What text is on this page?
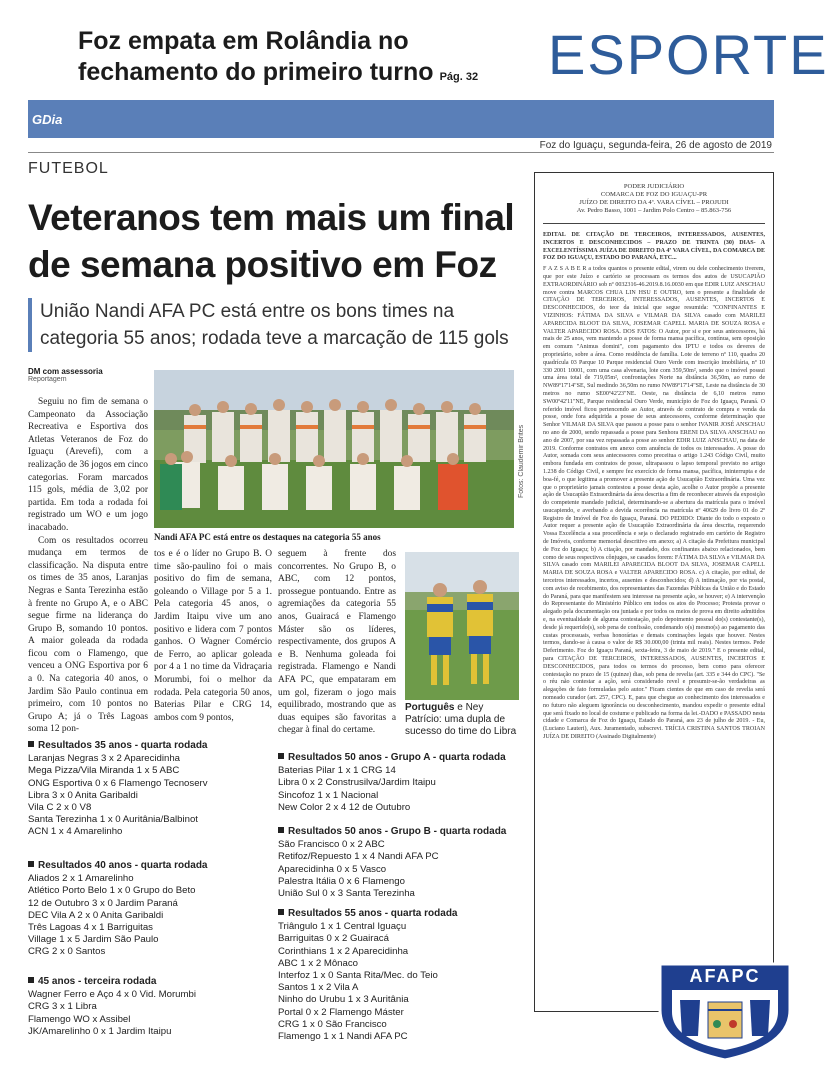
Foz empata em Rolândia no fechamento do primeiro turno Pág. 32	ESPORTE
GDia
Foz do Iguaçu, segunda-feira, 26 de agosto de 2019
FUTEBOL
Veteranos tem mais um final de semana positivo em Foz
União Nandi AFA PC está entre os bons times na categoria 55 anos; rodada teve a marcação de 115 gols
DM com assessoria
Reportagem

Seguiu no fim de semana o Campeonato da Associação Recreativa e Esportiva dos Atletas Veteranos de Foz do Iguaçu (Arevefi), com a realização de 36 jogos em cinco categorias. Foram marcados 115 gols, média de 3,02 por partida. Em toda a rodada foi registrado um WO e um jogo inacabado.

Com os resultados ocorreu mudança em termos de classificação. Na disputa entre os times de 35 anos, Laranjas Negras e Santa Terezinha estão à frente no Grupo A, e o ABC segue firme na liderança do Grupo B, somando 10 pontos. A maior goleada da rodada ficou com o Flamengo, que venceu a ONG Esportiva por 6 a 0. Na categoria 40 anos, o Jardim São Paulo continua em primeiro, com 10 pontos no Grupo A; já o Três Lagoas soma 12 pon-

Fotos: Claudemir Brites
Nandi AFA PC está entre os destaques na categoria 55 anos

tos e é o líder no Grupo B. O time são-paulino foi o mais positivo do fim de semana, goleando o Village por 5 a 1. Pela categoria 45 anos, o Jardim Itaipu vive um ano positivo e lidera com 7 pontos ganhos. O Wagner Comércio de Ferro, ao aplicar goleada por 4 a 1 no time da Vidraçaria Morumbi, foi o melhor da rodada. Pela categoria 50 anos, Baterias Pilar e CRG 14, ambos com 9 pontos,

seguem à frente dos concorrentes. No Grupo B, o ABC, com 12 pontos, prossegue pontuando. Entre as agremiações da categoria 55 anos, Guairacá e Flamengo Máster são os líderes, respectivamente, dos grupos A e B. Nenhuma goleada foi registrada. Flamengo e Nandi AFA PC, que empataram em um gol, fizeram o jogo mais equilibrado, mostrando que as duas equipes são favoritas a chegar à final do certame.

Português e Ney Patrício: uma dupla de sucesso do time do Libra
Resultados 35 anos - quarta rodada
Laranjas Negras 3 x 2 Aparecidinha
Mega Pizza/Vila Miranda 1 x 5 ABC
ONG Esportiva 0 x 6 Flamengo Tecnoserv
Libra 3 x 0 Anita Garibaldi
Vila C 2 x 0 V8
Santa Terezinha 1 x 0 Auritânia/Balbinot
ACN 1 x 4 Amarelinho
Resultados 40 anos - quarta rodada
Aliados 2 x 1 Amarelinho
Atlético Porto Belo 1 x 0 Grupo do Beto
12 de Outubro 3 x 0 Jardim Paraná
DEC Vila A 2 x 0 Anita Garibaldi
Três Lagoas 4 x 1 Barriguitas
Village 1 x 5 Jardim São Paulo
CRG 2 x 0 Santos
45 anos - terceira rodada
Wagner Ferro e Aço 4 x 0 Vid. Morumbi
CRG 3 x 1 Libra
Flamengo WO x Assibel
JK/Amarelinho 0 x 1 Jardim Itaipu
Resultados 50 anos - Grupo A - quarta rodada
Baterias Pilar 1 x 1 CRG 14
Libra 0 x 2 Construsilva/Jardim Itaipu
Sincofoz 1 x 1 Nacional
New Color 2 x 4 12 de Outubro
Resultados 50 anos - Grupo B - quarta rodada
São Francisco 0 x 2 ABC
Retifoz/Repuesto 1 x 4 Nandi AFA PC
Aparecidinha 0 x 5 Vasco
Palestra Itália 0 x 6 Flamengo
União Sul 0 x 3 Santa Terezinha
Resultados 55 anos - quarta rodada
Triângulo 1 x 1 Central Iguaçu
Barriguitas 0 x 2 Guairacá
Corinthians 1 x 2 Aparecidinha
ABC 1 x 2 Mônaco
Interfoz 1 x 0 Santa Rita/Mec. do Teio
Santos 1 x 2 Vila A
Ninho do Urubu 1 x 3 Auritânia
Portal 0 x 2 Flamengo Máster
CRG 1 x 0 São Francisco
Flamengo 1 x 1 Nandi AFA PC
PODER JUDICIÁRIO
COMARCA DE FOZ DO IGUAÇU-PR
JUÍZO DE DIREITO DA 4ª. VARA CÍVEL – PROJUDI
Av. Pedro Basso, 1001 – Jardim Polo Centro – 85.863-756
EDITAL DE CITAÇÃO DE TERCEIROS, INTERESSADOS, AUSENTES, INCERTOS E DESCONHECIDOS – PRAZO DE TRINTA (30) DIAS- A EXCELENTÍSSIMA JUÍZA DE DIREITO DA 4ª VARA CÍVEL, DA COMARCA DE FOZ DO IGUAÇU, ESTADO DO PARANÁ, ETC...
F A Z S A B E R a todos quantos o presente edital, virem ou dele conhecimento tiverem, que por este Juízo e cartório se processam os termos dos autos de USUCAPIÃO EXTRAORDINÁRIO sob nº 0032316-46.2019.8.16.0030 em que EDIR LUIZ ANSCHAU move contra MARCOS CHUA LIN HSU E OUTRO, tem o presente a finalidade de CITAÇÃO DE TERCEIROS, INTERESSADOS, AUSENTES, INCERTOS E DESCONHECIDOS, do teor da inicial que segue resumida: "CONFINANTES E VIZINHOS: FÁTIMA DA SILVA e VILMAR DA SILVA casado com MARILEI APARECIDA BLOOT DA SILVA, JOSEMAR CAPELL MARIA DE SOUZA ROSA e VALTER APARECIDO ROSA. DOS FATOS: O Autor, por si e por seus antecessores, há mais de 25 anos, vem mantendo a posse de forma mansa pacífica, contínua, sem oposição em comum "Animus domini", com pagamento dos IPTU e todos os deveres de proprietário, sobre a área. Como residência de família. Lote de terreno nº 110, quadra 20 quadrícula 03 Parque 10 Parque residencial Ouro Verde com inscrição imobiliária, nº 10 330 2001 10001, com uma casa alvenaria, lote com 359,50m², sendo que o imóvel possui uma área total de 719,05m², confrontações Norte na distância 36,50m, ao rumo de NW89º17'14"SE, Sul medindo 36,50m no rumo NW89º17'14"SE, Leste na distância de 30 metros no rumo SE00º42'23"NE. Oeste, na distância de 6,10 metros rumo SW00º42'11"NE, Parque residencial Ouro Verde, município de Foz do Iguaçu, Paraná. O referido imóvel ficou pertencendo ao Autor, através de contrato de compra e venda da posse, onde fora adquirida a posse de seus antecessores, conforme determinação que Senhor VILMAR DA SILVA que passou a posse para o senhor IVANIR JOSÉ ANSCHAU no ano de 2000, sendo repassada a posse para Senhora ERENI DA SILVA ANSCHAU no ano de 2007, por sua vez repassada a posse ao senhor EDIR LUIZ ANSCHAU, na data de 2019. Conforme contratos em anexo com anuência de todos os interessados. A posse do Autor, somada com seus antecessores como preceitua o artigo 1.243 Código Civil, muito embora fundada em contratos de posse, ultrapassou o lapso temporal previsto no artigo 1.238 do Código Civil, e sempre fez exercício de forma mansa, pacífica, ininterrupta e de boa-fé, o que legitima a promover a presente ação de Usucapião Extraordinária. Uma vez que o proprietário jamais contestou a posse desta ação, acolhe o Autor propõe a presente ação de Usucapião Extraordinária da área descrita a fim de reconhecer através da exposição do competente mandado judicial, determinando-se a abertura da matrícula para o imóvel usucapiendo, e averbando a devida ocorrência na matrícula nº 40629 do livro 01 do 2º Registro de Imóvel de Foz do Iguaçu, Paraná. DO PEDIDO: Diante do todo o exposto o Autor requer a presente ação de Usucapião Extraordinária da área descrita, requerendo Vossa Excelência a sua procedência e seja o declarado registrado em cartório de Registro de Imóveis, conforme memorial descritivo em anexo; a) A citação da Prefeitura municipal de Foz do Iguaçu; b) A citação, por mandado, dos confinantes abaixo relacionados, bem como de seus respectivos cônjuges, se casados forem: FÁTIMA DA SILVA e VILMAR DA SILVA casado com MARILEI APARECIDA BLOOT DA SILVA, JOSEMAR CAPELL MARIA DE SOUZA ROSA e VALTER APARECIDO ROSA. c) A citação, por edital, de terceiros interessados, incertos, ausentes e desconhecidos; d) A intimação, por via postal, com aviso de recebimento, dos representantes das Fazendas Públicas da União e do Estado do Paraná, para que manifestem seu interesse na presente ação, se houver; e) A intervenção do Representante do Ministério Público em todos os atos do Processo; Protesta provar o alegado pela documentação ora juntada e por todos os meios de prova em direito admitidos e, na eventualidade de alguma contestação, pelo depoimento pessoal do(s) contestante(s), desde já requerido(s), sob pena de confissão, condenando o(s) mesmo(s) ao pagamento das custas processuais, verbas honorárias e demais cominações legais que houver. Nestes termos, dando-se à causa o valor de R$ 30.000,00 (trinta mil reais). Nestes termos. Pede Deferimento. Foz do Iguaçu Paraná, sexta-feira, 3 de maio de 2019." E o presente edital, para CITAÇÃO DE TERCEIROS, INTERESSADOS, AUSENTES, INCERTOS E DESCONHECIDOS, para todos os termos do processo, bem como para oferecer contestação no prazo de 15 (quinze) dias, sob pena de revelia (art. 335 e 344 do CPC). "Se o réu não contestar a ação, será considerado revel e presumir-se-ão verdadeiras as alegações de fato formuladas pelo autor." Ficam cientes de que em caso de revelia será nomeado curador (art. 257, CPC). E, para que chegue ao conhecimento dos interessados e no futuro não aleguem ignorância ou desconhecimento, mandou expedir o presente edital que será fixado no local de costume e publicado na forma da lei.-DADO e PASSADO nesta cidade e Comarca de Foz do Iguaçu, Estado do Paraná, aos 23 de julho de 2019. - Eu,(Luciano Lauteri), Aux. Juramentado, subscrevi. TRÍCIA CRISTINA SANTOS TROIAN JUÍZA DE DIREITO (Assinado Digitalmente)
AFAPC
